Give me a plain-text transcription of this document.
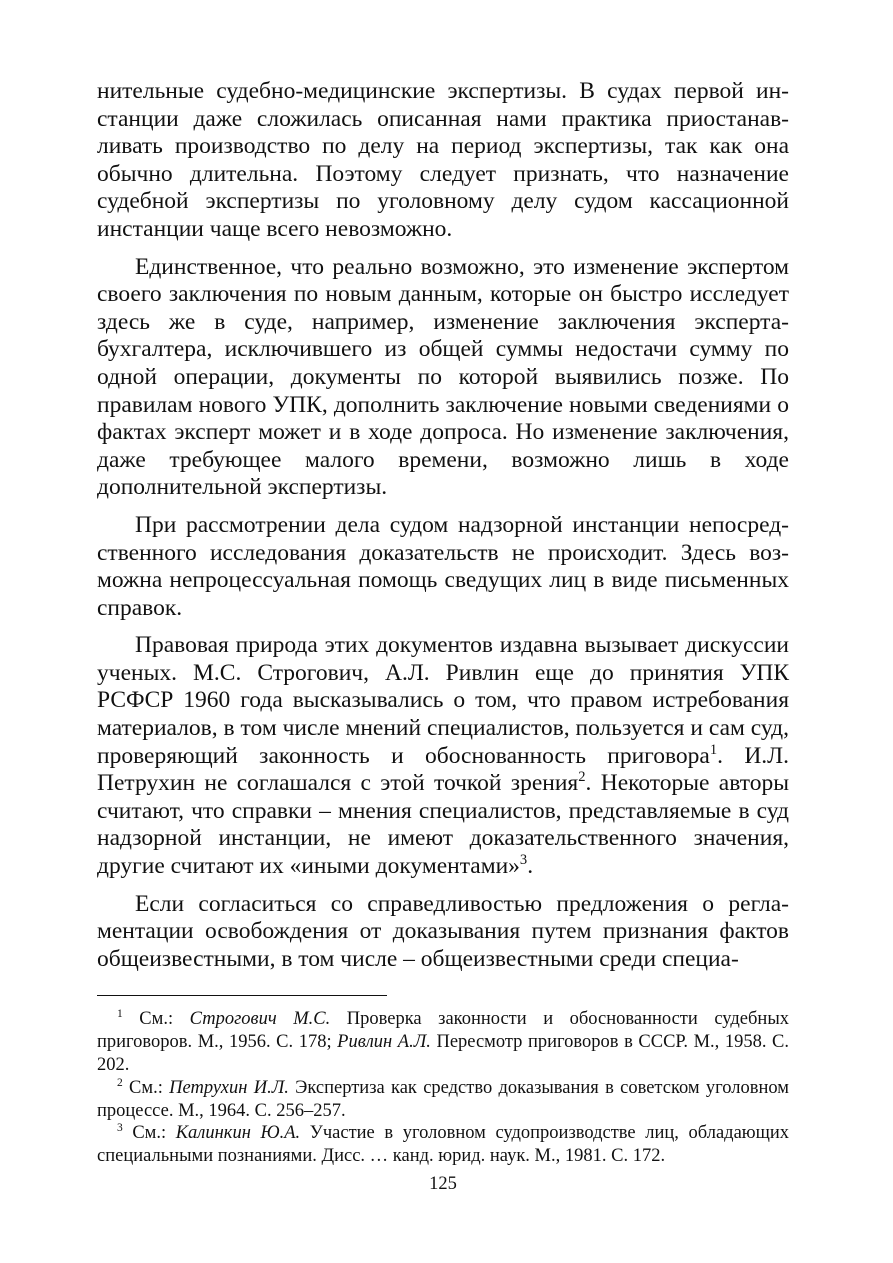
нительные судебно-медицинские экспертизы. В судах первой инстанции даже сложилась описанная нами практика приостанавливать производство по делу на период экспертизы, так как она обычно длительна. Поэтому следует признать, что назначение судебной экспертизы по уголовному делу судом кассационной инстанции чаще всего невозможно.

Единственное, что реально возможно, это изменение экспертом своего заключения по новым данным, которые он быстро исследует здесь же в суде, например, изменение заключения эксперта-бухгалтера, исключившего из общей суммы недостачи сумму по одной операции, документы по которой выявились позже. По правилам нового УПК, дополнить заключение новыми сведениями о фактах эксперт может и в ходе допроса. Но изменение заключения, даже требующее малого времени, возможно лишь в ходе дополнительной экспертизы.

При рассмотрении дела судом надзорной инстанции непосредственного исследования доказательств не происходит. Здесь возможна непроцессуальная помощь сведущих лиц в виде письменных справок.

Правовая природа этих документов издавна вызывает дискуссии ученых. М.С. Строгович, А.Л. Ривлин еще до принятия УПК РСФСР 1960 года высказывались о том, что правом истребования материалов, в том числе мнений специалистов, пользуется и сам суд, проверяющий законность и обоснованность приговора$^1$. И.Л. Петрухин не соглашался с этой точкой зрения$^2$. Некоторые авторы считают, что справки – мнения специалистов, представляемые в суд надзорной инстанции, не имеют доказательственного значения, другие считают их «иными документами»$^3$.

Если согласиться со справедливостью предложения о регламентации освобождения от доказывания путем признания фактов общеизвестными, в том числе – общеизвестными среди специа-

$^1$ См.: Строгович М.С. Проверка законности и обоснованности судебных приговоров. М., 1956. С. 178; Ривлин А.Л. Пересмотр приговоров в СССР. М., 1958. С. 202.

$^2$ См.: Петрухин И.Л. Экспертиза как средство доказывания в советском уголовном процессе. М., 1964. С. 256–257.

$^3$ См.: Калинкин Ю.А. Участие в уголовном судопроизводстве лиц, обладающих специальными познаниями. Дисс. … канд. юрид. наук. М., 1981. С. 172.

125
